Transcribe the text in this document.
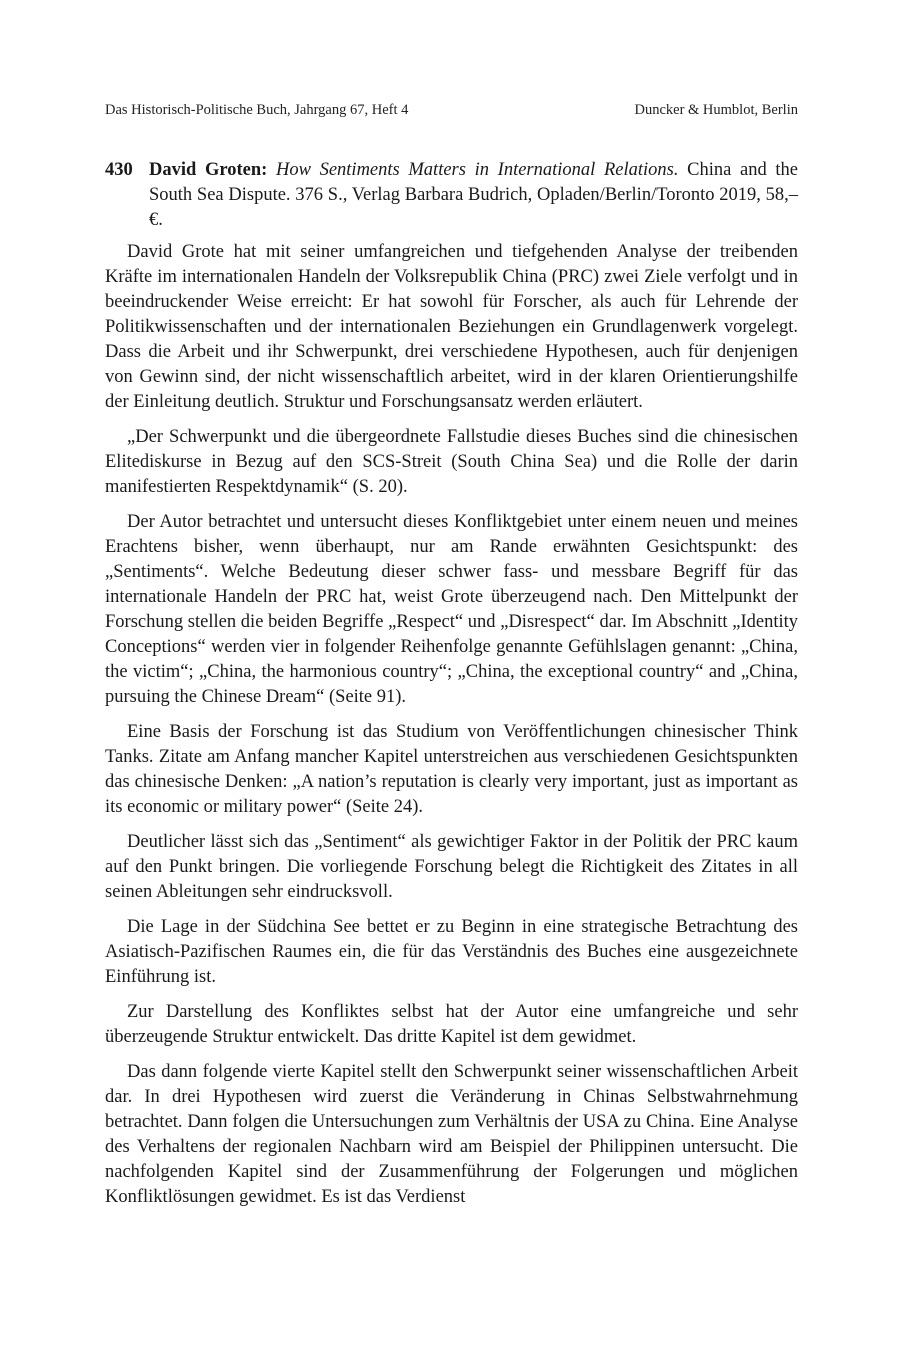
Das Historisch-Politische Buch, Jahrgang 67, Heft 4	Duncker & Humblot, Berlin
430 David Groten: How Sentiments Matters in International Relations. China and the South Sea Dispute. 376 S., Verlag Barbara Budrich, Opladen/Berlin/Toronto 2019, 58,– €.

David Grote hat mit seiner umfangreichen und tiefgehenden Analyse der treibenden Kräfte im internationalen Handeln der Volksrepublik China (PRC) zwei Ziele verfolgt und in beeindruckender Weise erreicht: Er hat sowohl für Forscher, als auch für Lehrende der Politikwissenschaften und der internationalen Beziehungen ein Grundlagenwerk vorgelegt. Dass die Arbeit und ihr Schwerpunkt, drei verschiedene Hypothesen, auch für denjenigen von Gewinn sind, der nicht wissenschaftlich arbeitet, wird in der klaren Orientierungshilfe der Einleitung deutlich. Struktur und Forschungsansatz werden erläutert.

„Der Schwerpunkt und die übergeordnete Fallstudie dieses Buches sind die chinesischen Elitediskurse in Bezug auf den SCS-Streit (South China Sea) und die Rolle der darin manifestierten Respektdynamik“ (S. 20).

Der Autor betrachtet und untersucht dieses Konfliktgebiet unter einem neuen und meines Erachtens bisher, wenn überhaupt, nur am Rande erwähnten Gesichtspunkt: des „Sentiments“. Welche Bedeutung dieser schwer fass- und messbare Begriff für das internationale Handeln der PRC hat, weist Grote überzeugend nach. Den Mittelpunkt der Forschung stellen die beiden Begriffe „Respect“ und „Disrespect“ dar. Im Abschnitt „Identity Conceptions“ werden vier in folgender Reihenfolge genannte Gefühlslagen genannt: „China, the victim“; „China, the harmonious country“; „China, the exceptional country“ and „China, pursuing the Chinese Dream“ (Seite 91).

Eine Basis der Forschung ist das Studium von Veröffentlichungen chinesischer Think Tanks. Zitate am Anfang mancher Kapitel unterstreichen aus verschiedenen Gesichtspunkten das chinesische Denken: „A nation’s reputation is clearly very important, just as important as its economic or military power“ (Seite 24).

Deutlicher lässt sich das „Sentiment“ als gewichtiger Faktor in der Politik der PRC kaum auf den Punkt bringen. Die vorliegende Forschung belegt die Richtigkeit des Zitates in all seinen Ableitungen sehr eindrucksvoll.

Die Lage in der Südchina See bettet er zu Beginn in eine strategische Betrachtung des Asiatisch-Pazifischen Raumes ein, die für das Verständnis des Buches eine ausgezeichnete Einführung ist.

Zur Darstellung des Konfliktes selbst hat der Autor eine umfangreiche und sehr überzeugende Struktur entwickelt. Das dritte Kapitel ist dem gewidmet.

Das dann folgende vierte Kapitel stellt den Schwerpunkt seiner wissenschaftlichen Arbeit dar. In drei Hypothesen wird zuerst die Veränderung in Chinas Selbstwahrnehmung betrachtet. Dann folgen die Untersuchungen zum Verhältnis der USA zu China. Eine Analyse des Verhaltens der regionalen Nachbarn wird am Beispiel der Philippinen untersucht. Die nachfolgenden Kapitel sind der Zusammenführung der Folgerungen und möglichen Konfliktlösungen gewidmet. Es ist das Verdienst
